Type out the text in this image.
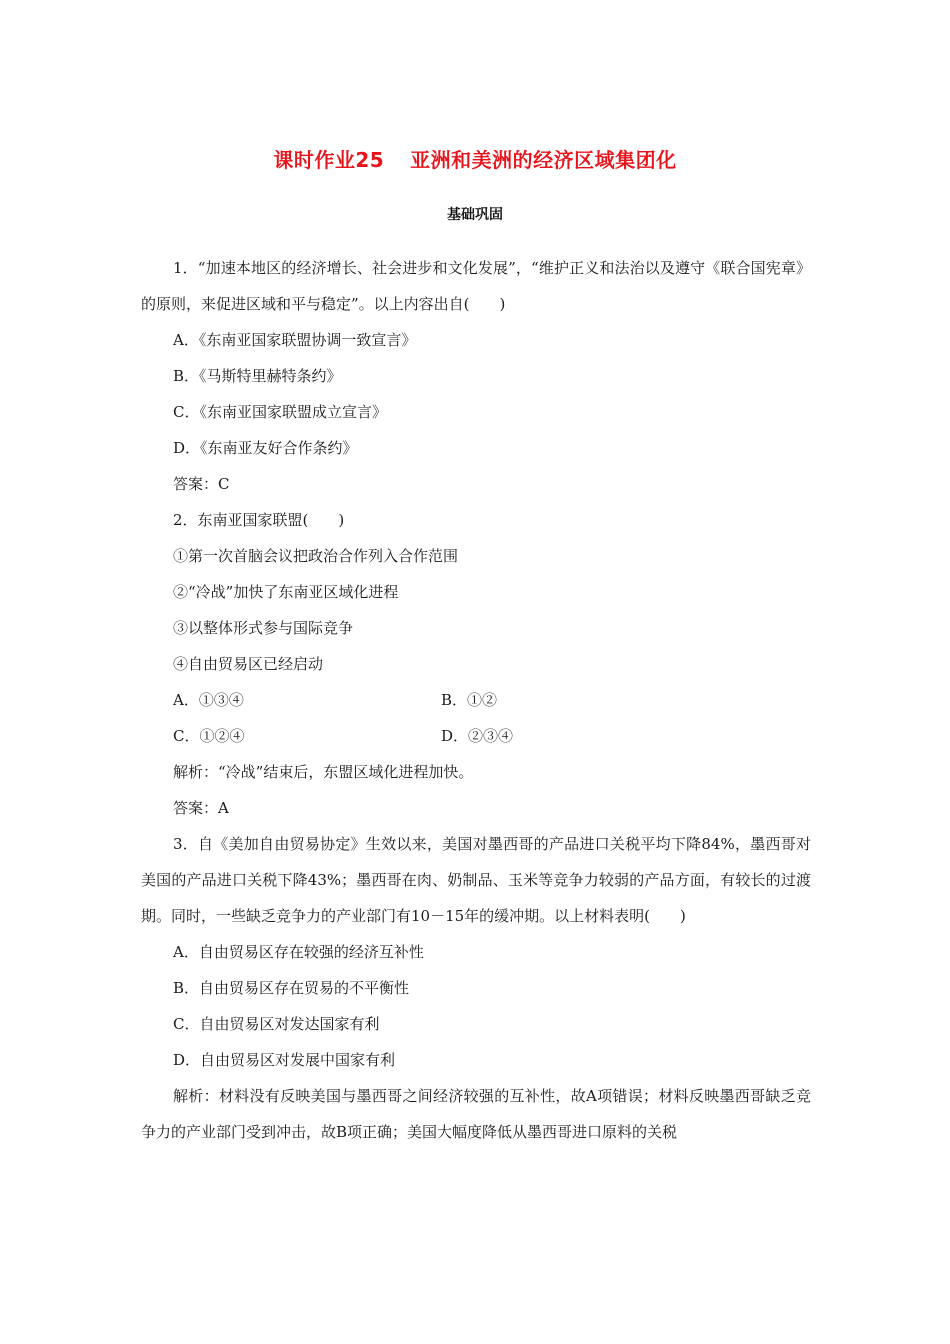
课时作业25 亚洲和美洲的经济区域集团化
基础巩固
1．“加速本地区的经济增长、社会进步和文化发展”，“维护正义和法治以及遵守《联合国宪章》的原则，来促进区域和平与稳定”。以上内容出自(　　)
A．《东南亚国家联盟协调一致宣言》
B．《马斯特里赫特条约》
C．《东南亚国家联盟成立宣言》
D．《东南亚友好合作条约》
答案：C
2．东南亚国家联盟(　　)
①第一次首脑会议把政治合作列入合作范围
②“冷战”加快了东南亚区域化进程
③以整体形式参与国际竞争
④自由贸易区已经启动
A．①③④	B．①②
C．①②④	D．②③④
解析：“冷战”结束后，东盟区域化进程加快。
答案：A
3．自《美加自由贸易协定》生效以来，美国对墨西哥的产品进口关税平均下降84%，墨西哥对美国的产品进口关税下降43%；墨西哥在肉、奶制品、玉米等竞争力较弱的产品方面，有较长的过渡期。同时，一些缺乏竞争力的产业部门有10－15年的缓冲期。以上材料表明(　　)
A．自由贸易区存在较强的经济互补性
B．自由贸易区存在贸易的不平衡性
C．自由贸易区对发达国家有利
D．自由贸易区对发展中国家有利
解析：材料没有反映美国与墨西哥之间经济较强的互补性，故A项错误；材料反映墨西哥缺乏竞争力的产业部门受到冲击，故B项正确；美国大幅度降低从墨西哥进口原料的关税
